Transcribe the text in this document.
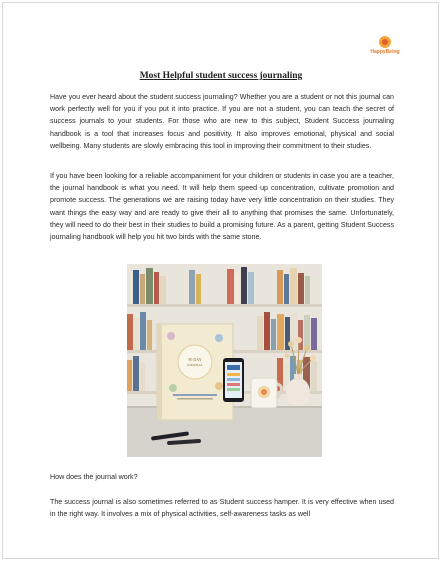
HappyBeing
Most Helpful student success journaling

Have you ever heard about the student success journaling? Whether you are a student or not this journal can work perfectly well for you if you put it into practice. If you are not a student, you can teach the secret of success journals to your students. For those who are new to this subject, Student Success journaling handbook is a tool that increases focus and positivity. It also improves emotional, physical and social wellbeing. Many students are slowly embracing this tool in improving their commitment to their studies.

If you have been looking for a reliable accompaniment for your children or students in case you are a teacher, the journal handbook is what you need. It will help them speed up concentration, cultivate promotion and promote success. The generations we are raising today have very little concentration on their studies. They want things the easy way and are ready to give their all to anything that promises the same. Unfortunately, they will need to do their best in their studies to build a promising future. As a parent, getting Student Success journaling handbook will help you hit two birds with the same stone.

90 DAY
JOURNAL

How does the journal work?

The success journal is also sometimes referred to as Student success hamper. It is very effective when used in the right way. It involves a mix of physical activities, self-awareness tasks as well
